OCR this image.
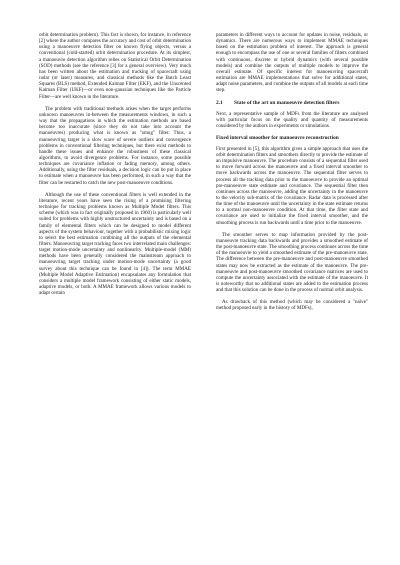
orbit determination problem). This fact is shown, for instance, in reference [2] where the author compares the accuracy and cost of orbit determination using a manoeuvre detection filter on known flying objects, versus a conventional (cold-started) orbit determination procedure. At its simplest, a manoeuvre detection algorithm relies on Statistical Orbit Determination (SOD) methods (see the reference [3] for a general overview). Very much has been written about the estimation and tracking of spacecraft using radar (or laser) measures, and classical methods like the Batch Least Squares (BLS) method, Extended Kalman Filter (EKF), and the Unscented Kalman Filter (UKF)—or even non-gaussian techniques like the Particle Filter—are well known in the literature.

The problem with traditional methods arises when the target performs unknown manoeuvres in-between the measurements windows, in such a way that the propagations in which the estimation methods are based become too inaccurate (since they do not take into account the manoeuvres) producing what is known as "smug" filter. Thus, a manoeuvring target is a slow wave of severe outliers and convergence problems in conventional filtering techniques, but there exist methods to handle these issues and enhance the robustness of these classical algorithms, to avoid divergence problems. For instance, some possible techniques are covariance inflation or fading memory, among others. Additionally, using the filter residuals, a decision logic can be put in place to estimate when a manoeuvre has been performed, in such a way that the filter can be restarted to catch the new post-manoeuvre conditions.

Although the use of these conventional filters is well extended in the literature, recent years have seen the rising of a promising filtering technique for tracking problems known as Multiple Model filters. This scheme (which was in fact originally proposed in 1960) is particularly well suited for problems with highly unstructured uncertainty and is based on a family of elemental filters which can be designed to model different aspects of the system behaviour, together with a probabilistic mixing logic to select the best estimation combining all the outputs of the elemental filters. Manoeuvring target tracking faces two interrelated main challenges: target motion-mode uncertainty and nonlinearity. Multiple-model (MM) methods have been generally considered the mainstream approach to manoeuvring target tracking under motion-mode uncertainty (a good survey about this technique can be found in [4]). The term MMAE (Multiple Model Adaptive Estimation) encapsulates any formulation that considers a multiple model framework consisting of either static models, adaptive models, or both. A MMAE framework allows various models to adapt certain

parameters in different ways to account for updates in noise, residuals, or dynamics. There are numerous ways to implement MMAE techniques based on the estimation problem of interest. The approach is general enough to encompass the use of one or several families of filters combined with continuous, discrete or hybrid dynamics (with several possible models) and combine the outputs of multiple models to improve the overall estimate. Of specific interest for manoeuvring spacecraft estimation are MMAE implementations that solve for additional states, adapt noise parameters, and combine the outputs of all models at each time step.

2.1	State of the art on manoeuvre detection filters

Next, a representative sample of MDFs from the literature are analysed with particular focus on the quality and quantity of measurements considered by the authors in experiments or simulations.

Fixed interval smoother for manoeuvre reconstruction

First presented in [5], this algorithm gives a simple approach that uses the orbit determination filters and smoothers directly to provide the estimate of an impulsive manoeuvre. The procedure consists of a sequential filter used to move forward across the manoeuvre and a fixed interval smoother to move backwards across the manoeuvre. The sequential filter serves to process all the tracking data prior to the manoeuvre to provide an optimal pre-manoeuvre state estimate and covariance. The sequential filter then continues across the manoeuvre, adding the uncertainty in the manoeuvre to the velocity sub-matrix of the covariance. Radar data is processed after the time of the manoeuvre until the uncertainty in the state estimate returns to a normal non-manoeuvre condition. At that time, the filter state and covariance are used to initialize the fixed interval smoother, and the smoothing process is run backwards until a time prior to the manoeuvre.

The smoother serves to map information provided by the post-manoeuvre tracking data backwards and provides a smoothed estimate of the post-manoeuvre state. The smoothing process continues across the time of the manoeuvre to yield a smoothed estimate of the pre-manoeuvre state. The difference between the pre-manoeuvre and post-manoeuvre smoothed states may now be extracted as the estimate of the manoeuvre. The pre-manoeuvre and post-manoeuvre smoothed covariance matrices are used to compute the uncertainty associated with the estimate of the manoeuvre. It is noteworthy that no additional states are added to the estimation process and that this solution can be done in the process of normal orbit analysis.

As drawback of this method (which may be considered a "naïve" method proposed early in the history of MDFs),
